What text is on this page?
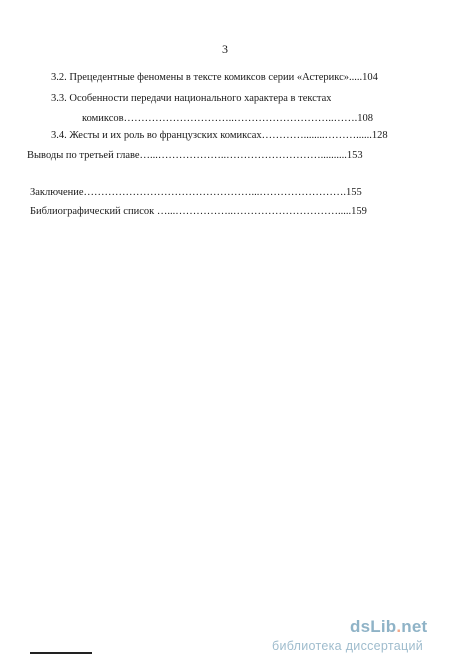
3
3.2. Прецедентные феномены в тексте комиксов серии «Астерикс».....104
3.3. Особенности передачи национального характера в текстах
комиксов…………………………..………………………..…….108
3.4. Жесты и их роль во французских комиксах…………........………......128
Выводы по третьей главе…...………………..………………………..........153
Заключение…………………………………………...…………………….155
Библиографический список …...……………..………………………….....159
dsLib.net
библиотека диссертаций
